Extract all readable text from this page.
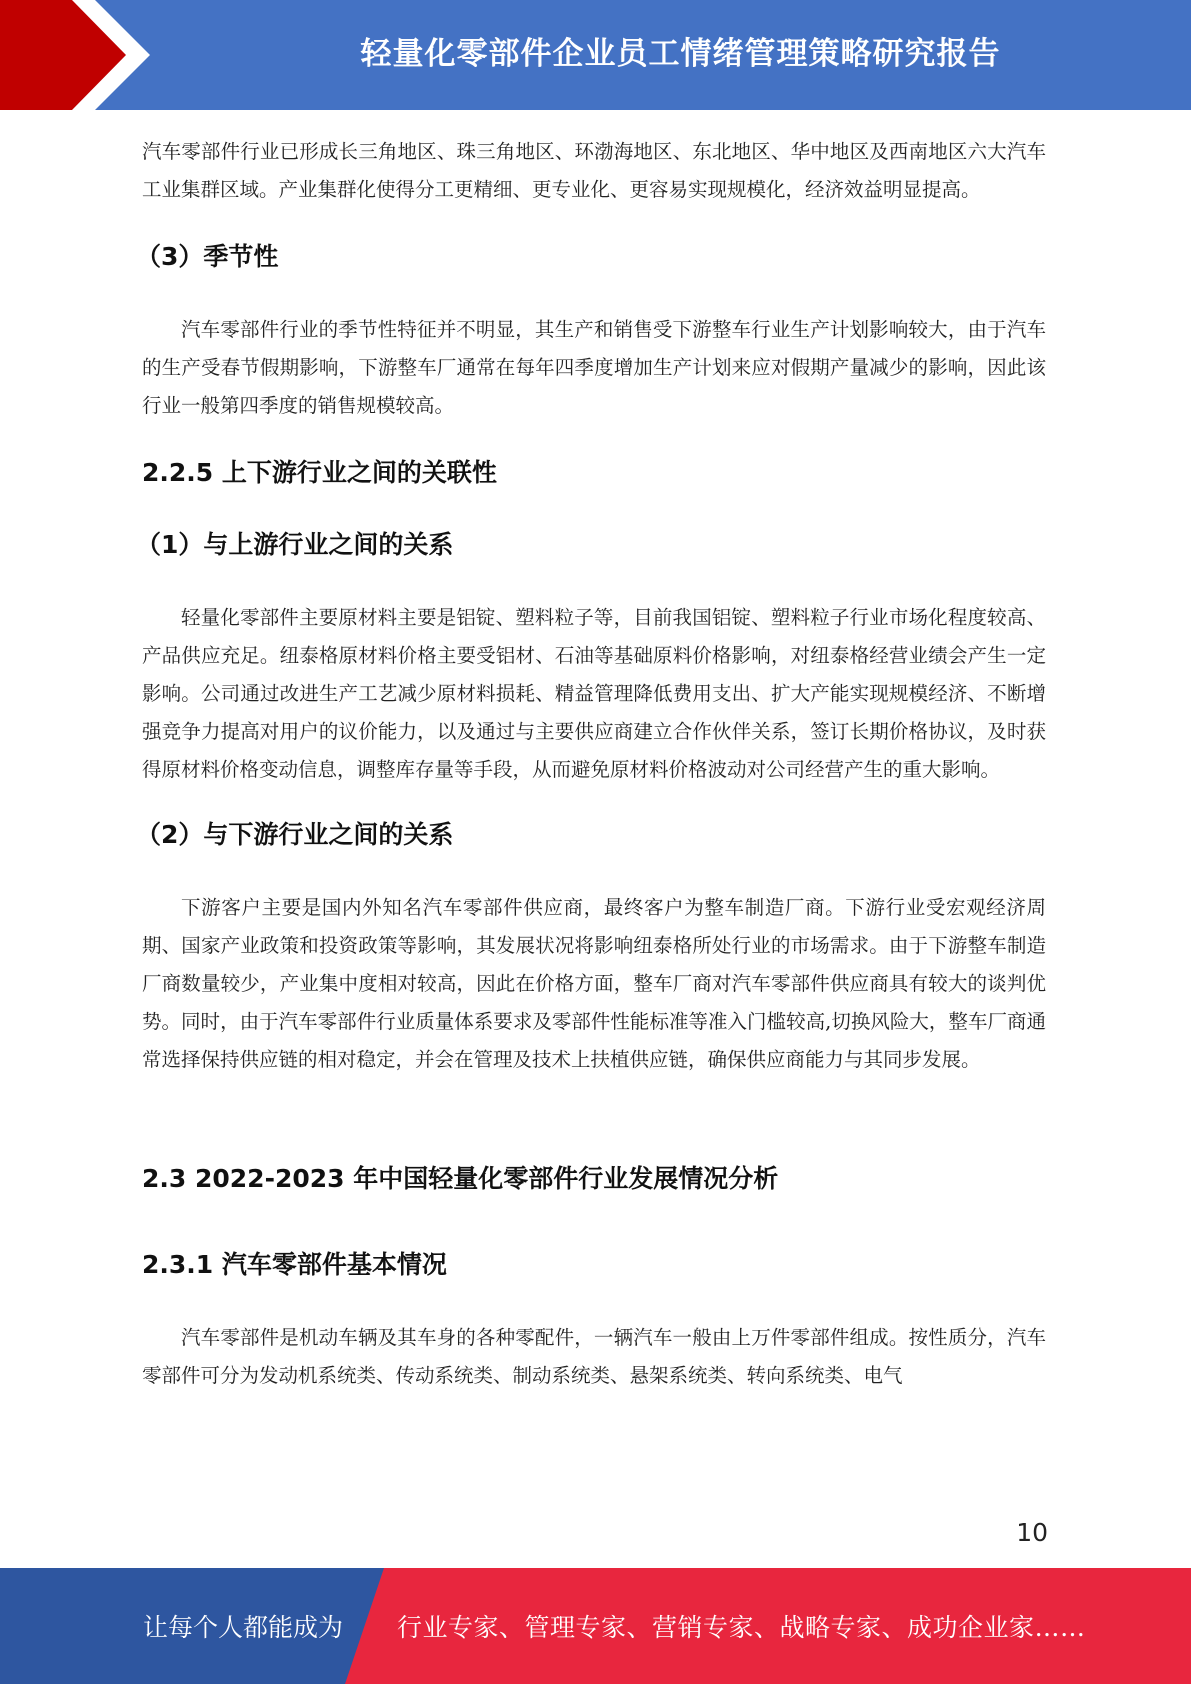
轻量化零部件企业员工情绪管理策略研究报告

汽车零部件行业已形成长三角地区、珠三角地区、环渤海地区、东北地区、华中地区及西南地区六大汽车工业集群区域。产业集群化使得分工更精细、更专业化、更容易实现规模化，经济效益明显提高。

（3）季节性

汽车零部件行业的季节性特征并不明显，其生产和销售受下游整车行业生产计划影响较大，由于汽车的生产受春节假期影响，下游整车厂通常在每年四季度增加生产计划来应对假期产量减少的影响，因此该行业一般第四季度的销售规模较高。

2.2.5 上下游行业之间的关联性
（1）与上游行业之间的关系

轻量化零部件主要原材料主要是铝锭、塑料粒子等，目前我国铝锭、塑料粒子行业市场化程度较高、产品供应充足。纽泰格原材料价格主要受铝材、石油等基础原料价格影响，对纽泰格经营业绩会产生一定影响。公司通过改进生产工艺减少原材料损耗、精益管理降低费用支出、扩大产能实现规模经济、不断增强竞争力提高对用户的议价能力，以及通过与主要供应商建立合作伙伴关系，签订长期价格协议，及时获得原材料价格变动信息，调整库存量等手段，从而避免原材料价格波动对公司经营产生的重大影响。

（2）与下游行业之间的关系

下游客户主要是国内外知名汽车零部件供应商，最终客户为整车制造厂商。下游行业受宏观经济周期、国家产业政策和投资政策等影响，其发展状况将影响纽泰格所处行业的市场需求。由于下游整车制造厂商数量较少，产业集中度相对较高，因此在价格方面，整车厂商对汽车零部件供应商具有较大的谈判优势。同时，由于汽车零部件行业质量体系要求及零部件性能标准等准入门槛较高,切换风险大，整车厂商通常选择保持供应链的相对稳定，并会在管理及技术上扶植供应链，确保供应商能力与其同步发展。

2.3 2022-2023 年中国轻量化零部件行业发展情况分析
2.3.1 汽车零部件基本情况

汽车零部件是机动车辆及其车身的各种零配件，一辆汽车一般由上万件零部件组成。按性质分，汽车零部件可分为发动机系统类、传动系统类、制动系统类、悬架系统类、转向系统类、电气

10
让每个人都能成为 行业专家、管理专家、营销专家、战略专家、成功企业家……
